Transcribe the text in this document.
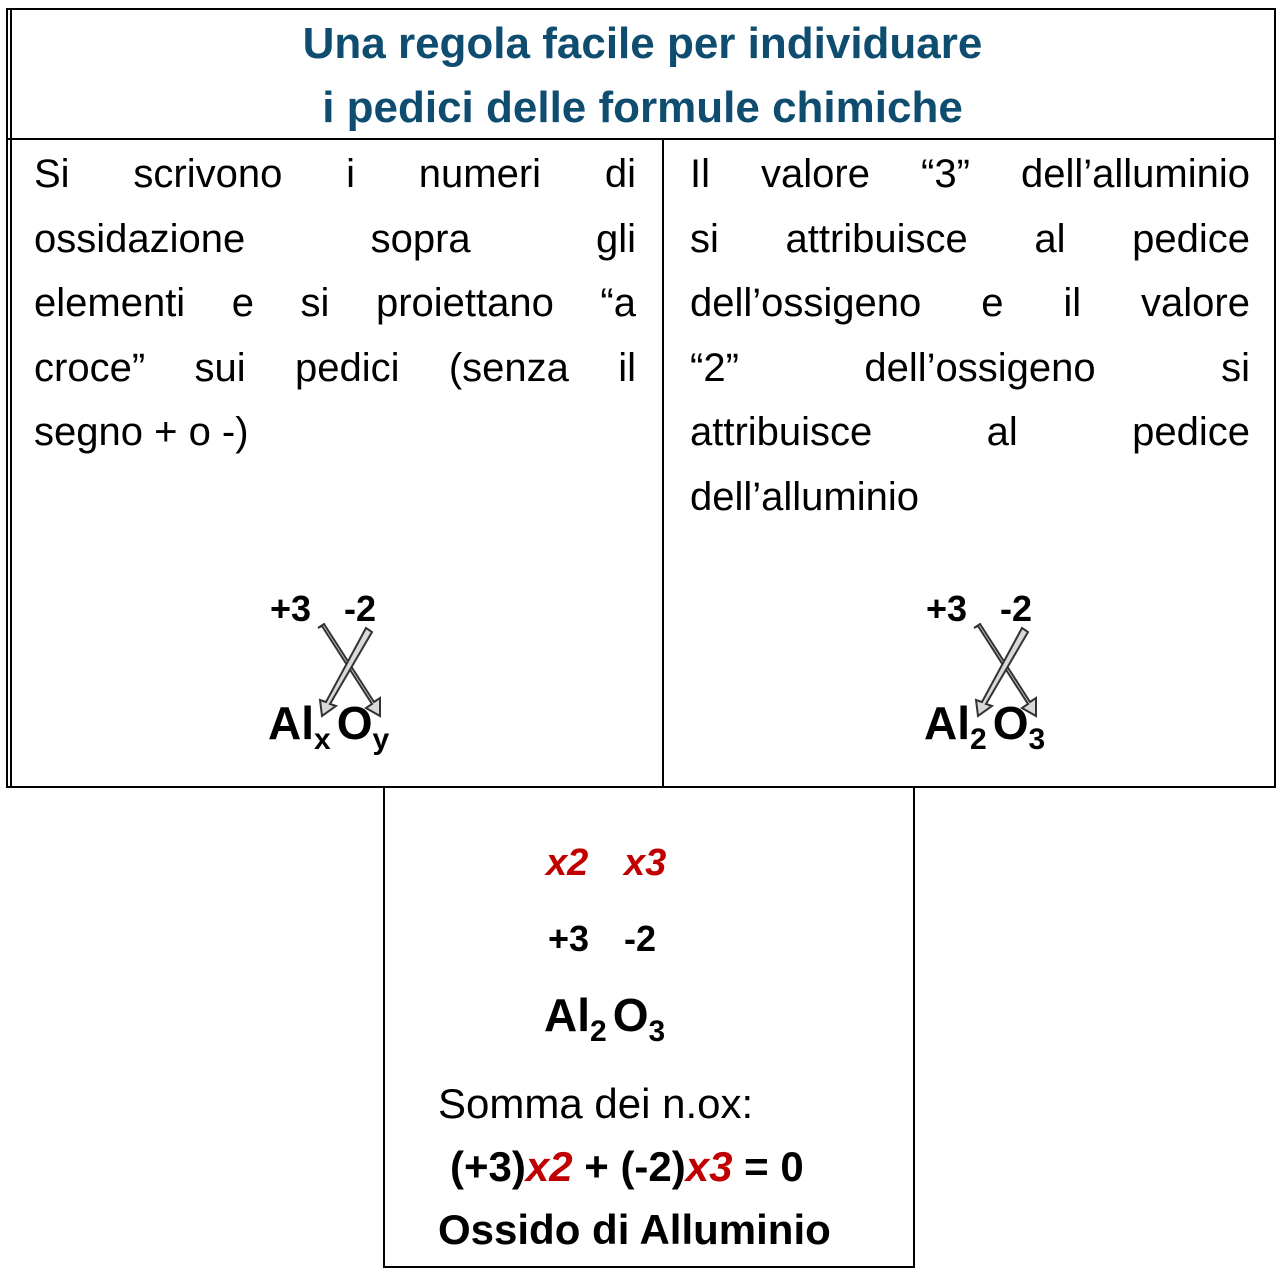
Una regola facile per individuare
i pedici delle formule chimiche

Si scrivono i numeri di

ossidazione sopra gli

elementi e si proiettano “a

croce” sui pedici (senza il

segno + o -)

Il valore “3” dell’alluminio

si attribuisce al pedice

dell’ossigeno e il valore

“2” dell’ossigeno si

attribuisce al pedice

dell’alluminio

+3 -2
$Al_x$ $O_y$
+3 -2
$Al_2$ $O_3$
x2 x3
+3 -2
$Al_2$ $O_3$
Somma dei n.ox:
(+3)x2 + (-2)x3 = 0
Ossido di Alluminio
